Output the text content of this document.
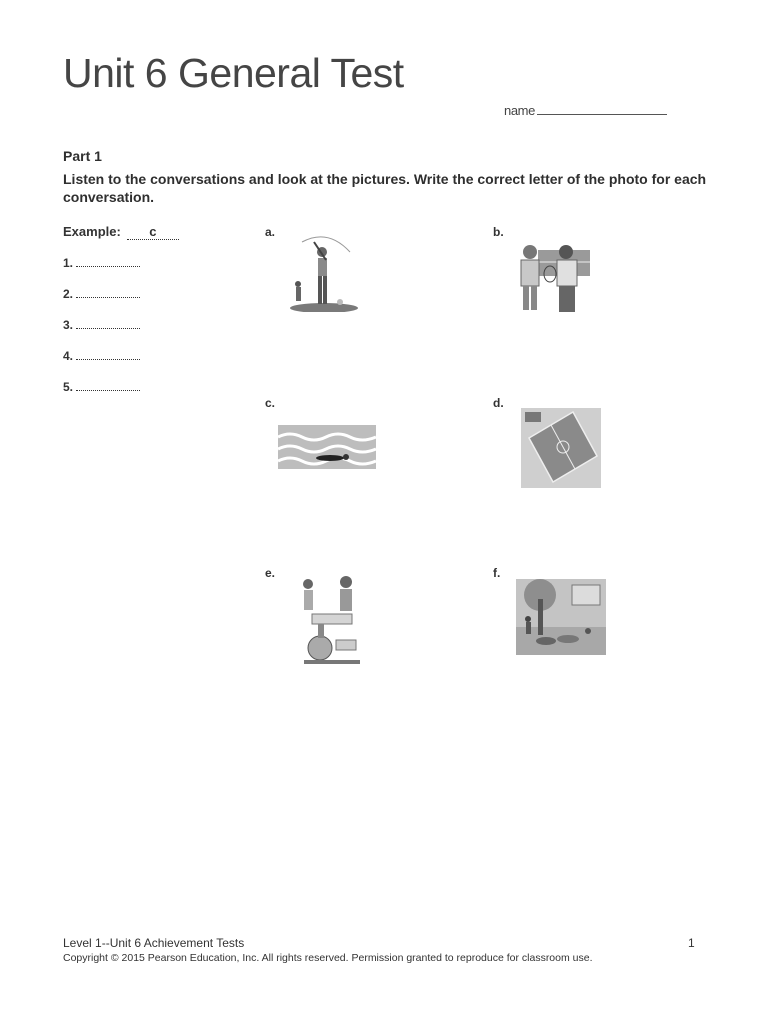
Unit 6 General Test
name
Part 1
Listen to the conversations and look at the pictures. Write the correct letter of the photo for each conversation.
Example: c
1.
2.
3.
4.
5.
a.	b.
c.	d.
e.	f.
Level 1--Unit 6 Achievement Tests	1
Copyright © 2015 Pearson Education, Inc. All rights reserved. Permission granted to reproduce for classroom use.
